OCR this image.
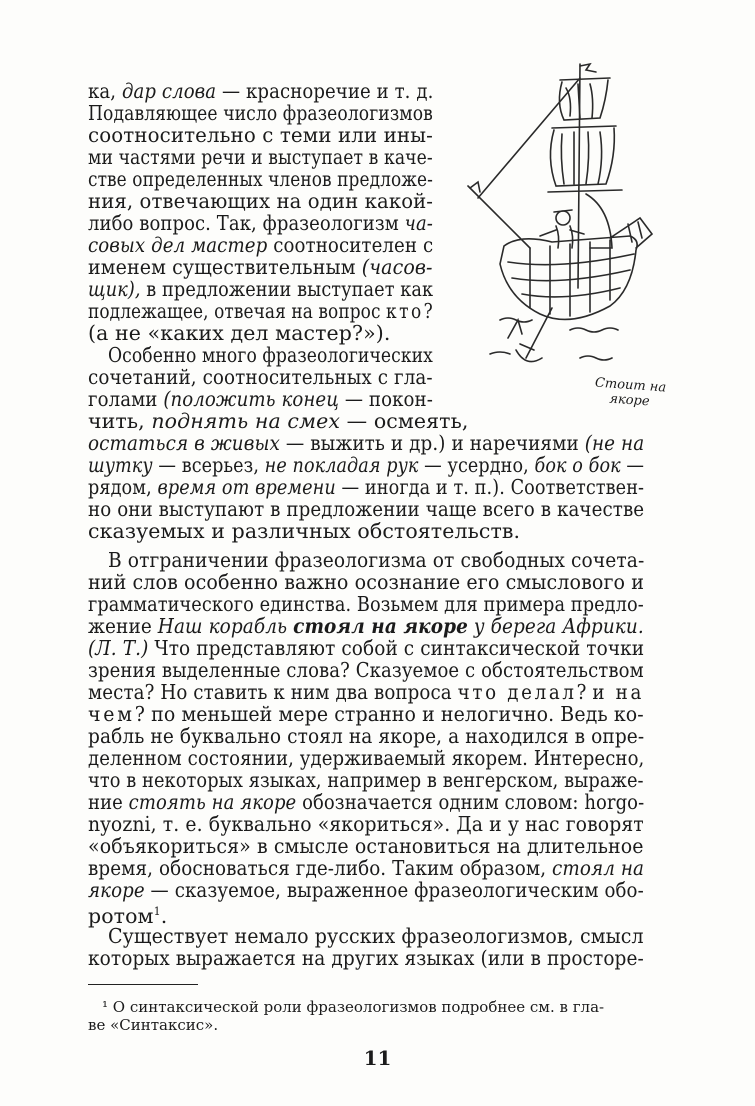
Стоит на
якоре
ка, дар слова — красноречие и т. д.
Подавляющее число фразеологизмов
соотносительно с теми или ины-
ми частями речи и выступает в каче-
стве определенных членов предложе-
ния, отвечающих на один какой-
либо вопрос. Так, фразеологизм ча-
совых дел мастер соотносителен с
именем существительным (часов-
щик), в предложении выступает как
подлежащее, отвечая на вопрос кто?
(а не «каких дел мастер?»).
Особенно много фразеологических
сочетаний, соотносительных с гла-
голами (положить конец — покон-
чить, поднять на смех — осмеять,
остаться в живых — выжить и др.) и наречиями (не на
шутку — всерьез, не покладая рук — усердно, бок о бок —
рядом, время от времени — иногда и т. п.). Соответствен-
но они выступают в предложении чаще всего в качестве
сказуемых и различных обстоятельств.
В отграничении фразеологизма от свободных сочета-
ний слов особенно важно осознание его смыслового и
грамматического единства. Возьмем для примера предло-
жение Наш корабль стоял на якоре у берега Африки.
(Л. Т.) Что представляют собой с синтаксической точки
зрения выделенные слова? Сказуемое с обстоятельством
места? Но ставить к ним два вопроса что делал? и на
чем? по меньшей мере странно и нелогично. Ведь ко-
рабль не буквально стоял на якоре, а находился в опре-
деленном состоянии, удерживаемый якорем. Интересно,
что в некоторых языках, например в венгерском, выраже-
ние стоять на якоре обозначается одним словом: horgo-
nyozni, т. е. буквально «якориться». Да и у нас говорят
«объякориться» в смысле остановиться на длительное
время, обосноваться где-либо. Таким образом, стоял на
якоре — сказуемое, выраженное фразеологическим обо-
ротом$^1$.
Существует немало русских фразеологизмов, смысл
которых выражается на других языках (или в простоpe-
¹ О синтаксической роли фразеологизмов подробнее см. в гла-
ве «Синтаксис».
11
